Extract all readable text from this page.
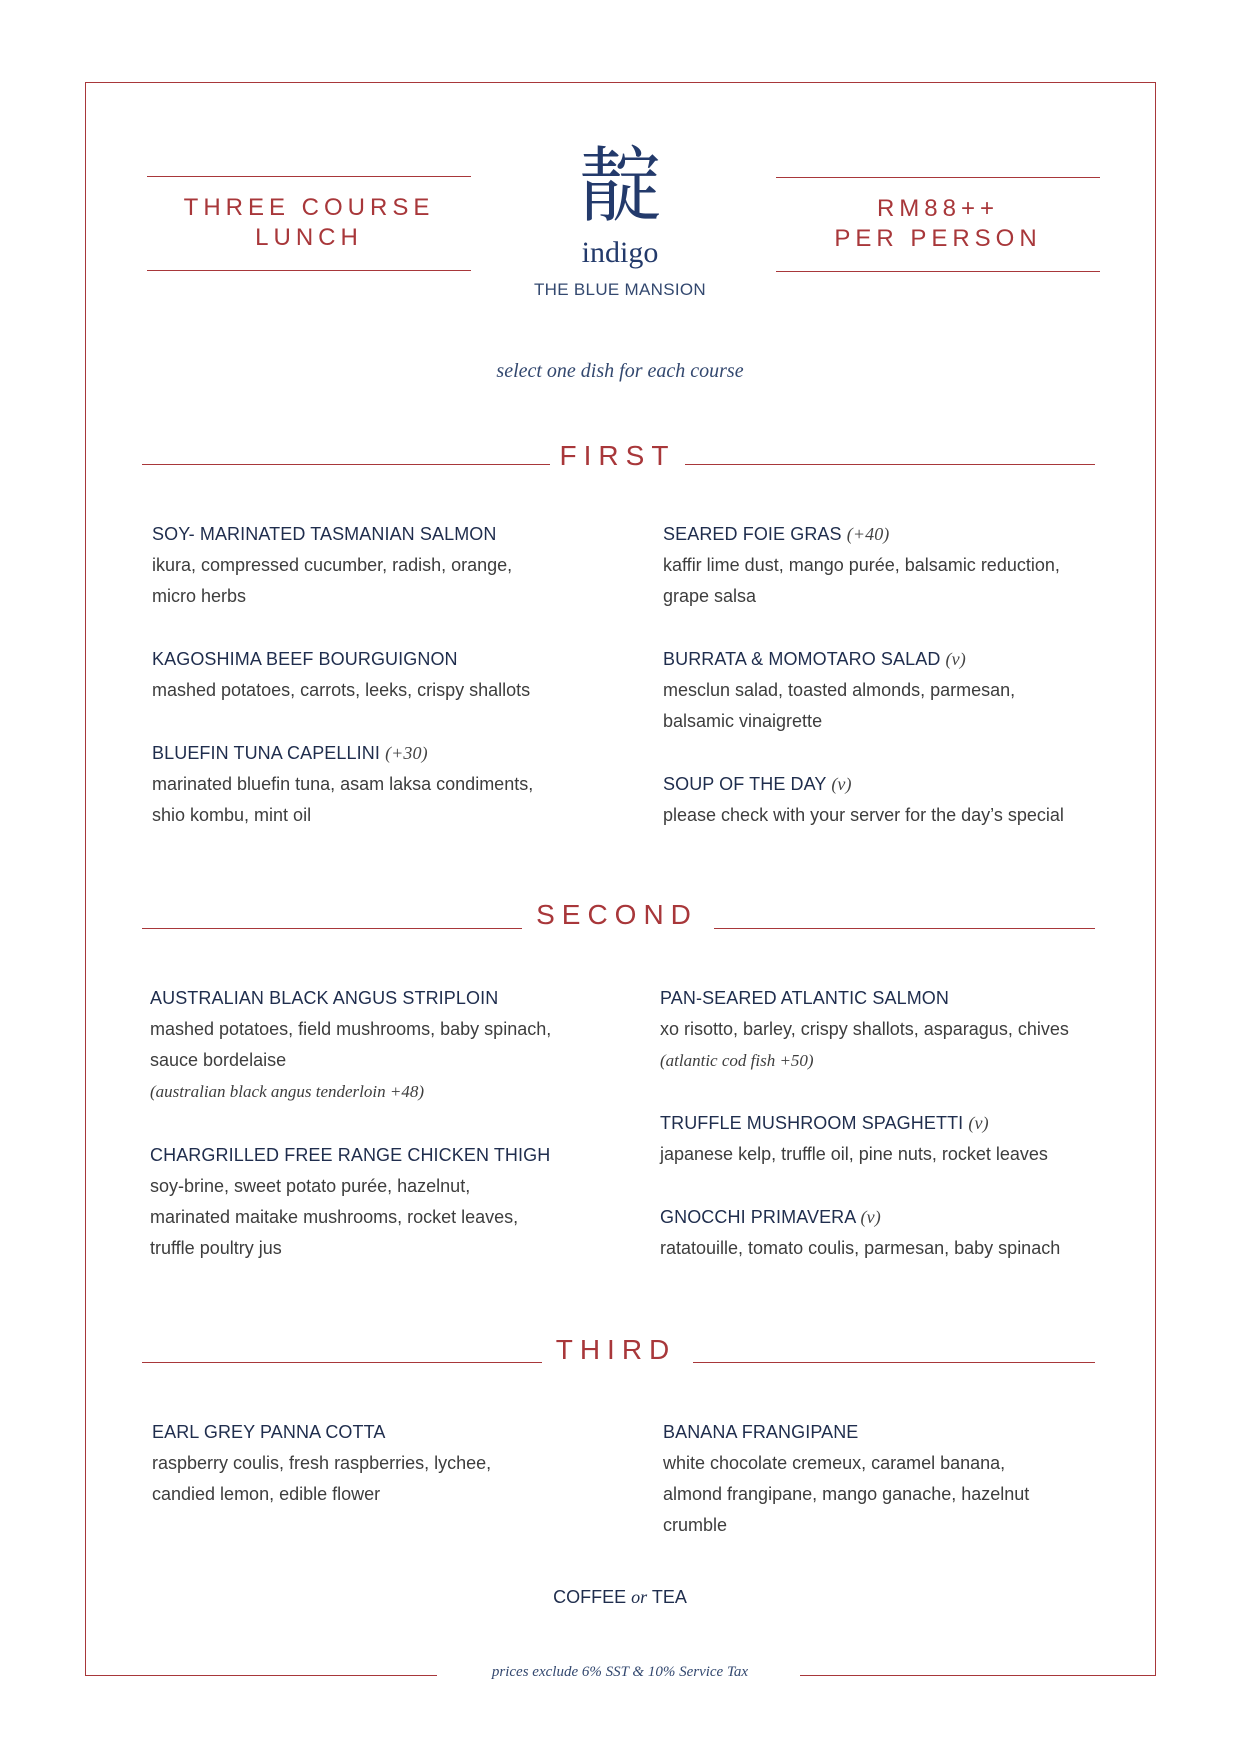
THREE COURSE
LUNCH
靛
indigo
THE BLUE MANSION
RM88++
PER PERSON
select one dish for each course
FIRST
SOY- MARINATED TASMANIAN SALMON
ikura, compressed cucumber, radish, orange,
micro herbs
KAGOSHIMA BEEF BOURGUIGNON
mashed potatoes, carrots, leeks, crispy shallots
BLUEFIN TUNA CAPELLINI (+30)
marinated bluefin tuna, asam laksa condiments,
shio kombu, mint oil
SEARED FOIE GRAS (+40)
kaffir lime dust, mango purée, balsamic reduction,
grape salsa
BURRATA & MOMOTARO SALAD (v)
mesclun salad, toasted almonds, parmesan,
balsamic vinaigrette
SOUP OF THE DAY (v)
please check with your server for the day’s special
SECOND
AUSTRALIAN BLACK ANGUS STRIPLOIN
mashed potatoes, field mushrooms, baby spinach,
sauce bordelaise
(australian black angus tenderloin +48)
CHARGRILLED FREE RANGE CHICKEN THIGH
soy-brine, sweet potato purée, hazelnut,
marinated maitake mushrooms, rocket leaves,
truffle poultry jus
PAN-SEARED ATLANTIC SALMON
xo risotto, barley, crispy shallots, asparagus, chives
(atlantic cod fish +50)
TRUFFLE MUSHROOM SPAGHETTI (v)
japanese kelp, truffle oil, pine nuts, rocket leaves
GNOCCHI PRIMAVERA (v)
ratatouille, tomato coulis, parmesan, baby spinach
THIRD
EARL GREY PANNA COTTA
raspberry coulis, fresh raspberries, lychee,
candied lemon, edible flower
BANANA FRANGIPANE
white chocolate cremeux, caramel banana,
almond frangipane, mango ganache, hazelnut
crumble
COFFEE or TEA
prices exclude 6% SST & 10% Service Tax
